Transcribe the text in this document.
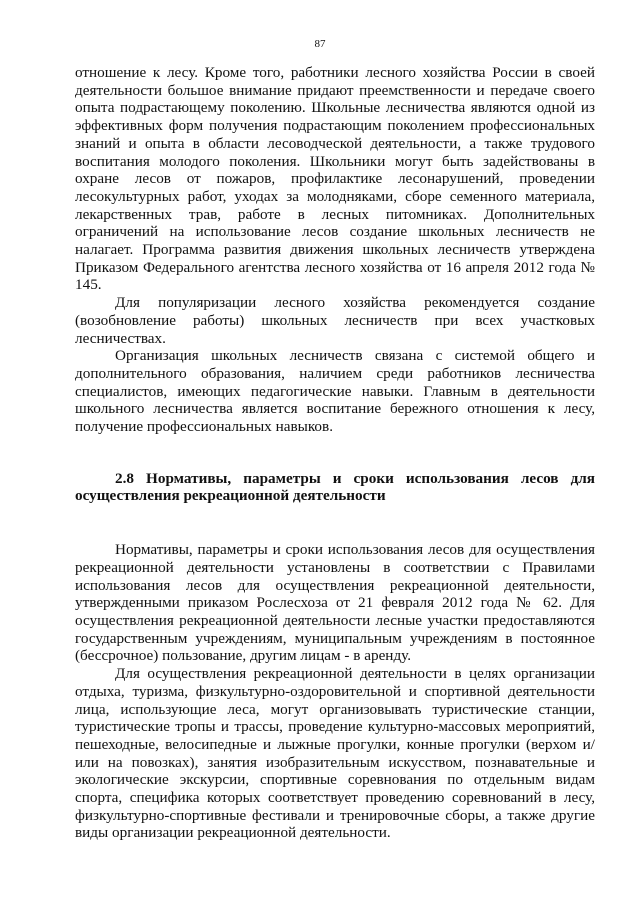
87

отношение к лесу. Кроме того, работники лесного хозяйства России в своей деятельности большое внимание придают преемственности и передаче своего опыта подрастающему поколению. Школьные лесничества являются одной из эффективных форм получения подрастающим поколением профессиональных знаний и опыта в области лесоводческой деятельности, а также трудового воспитания молодого поколения. Школьники могут быть задействованы в охране лесов от пожаров, профилактике лесонарушений, проведении лесокультурных работ, уходах за молодняками, сборе семенного материала, лекарственных трав, работе в лесных питомниках. Дополнительных ограничений на использование лесов создание школьных лесничеств не налагает. Программа развития движения школьных лесничеств утверждена Приказом Федерального агентства лесного хозяйства от 16 апреля 2012 года № 145.

Для популяризации лесного хозяйства рекомендуется создание (возобновление работы) школьных лесничеств при всех участковых лесничествах.

Организация школьных лесничеств связана с системой общего и дополнительного образования, наличием среди работников лесничества специалистов, имеющих педагогические навыки. Главным в деятельности школьного лесничества является воспитание бережного отношения к лесу, получение профессиональных навыков.

2.8 Нормативы, параметры и сроки использования лесов для осуществления рекреационной деятельности

Нормативы, параметры и сроки использования лесов для осуществления рекреационной деятельности установлены в соответствии с Правилами использования лесов для осуществления рекреационной деятельности, утвержденными приказом Рослесхоза от 21 февраля 2012 года № 62. Для осуществления рекреационной деятельности лесные участки предоставляются государственным учреждениям, муниципальным учреждениям в постоянное (бессрочное) пользование, другим лицам - в аренду.

Для осуществления рекреационной деятельности в целях организации отдыха, туризма, физкультурно-оздоровительной и спортивной деятельности лица, использующие леса, могут организовывать туристические станции, туристические тропы и трассы, проведение культурно-массовых мероприятий, пешеходные, велосипедные и лыжные прогулки, конные прогулки (верхом и/или на повозках), занятия изобразительным искусством, познавательные и экологические экскурсии, спортивные соревнования по отдельным видам спорта, специфика которых соответствует проведению соревнований в лесу, физкультурно-спортивные фестивали и тренировочные сборы, а также другие виды организации рекреационной деятельности.
